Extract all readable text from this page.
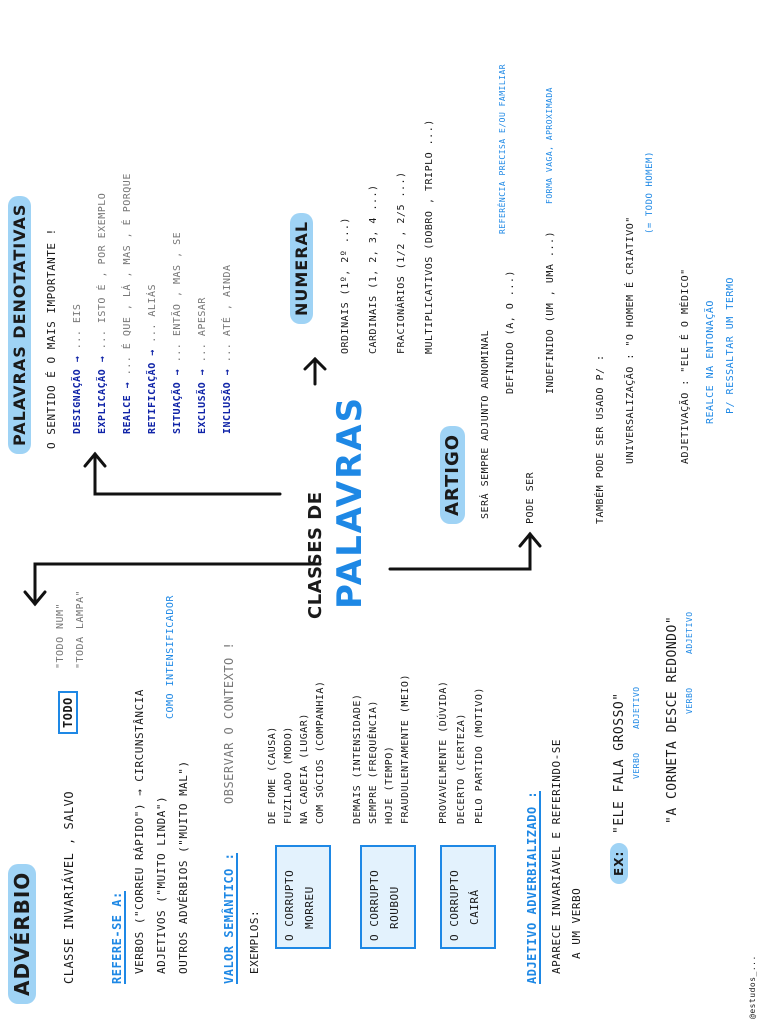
CLASSES DE PALAVRAS
ADVÉRBIO CLASSE INVARIÁVEL , SALVO
TODO
"TODO
NUM"
"TODA
LAMPA"
REFERE-SE A: VERBOS ("CORREU RÁPIDO") → CIRCUNSTÂNCIA ADJETIVOS ("MUITO LINDA") OUTROS ADVÉRBIOS ("MUITO MAL")
COMO INTENSIFICADOR
VALOR SEMÂNTICO :
OBSERVAR O CONTEXTO !
EXEMPLOS:
O CORRUPTO MORREU
DE FOME (CAUSA) FUZILADO (MODO) NA CADEIA (LUGAR) COM SÓCIOS (COMPANHIA)
O CORRUPTO ROUBOU
DEMAIS (INTENSIDADE) SEMPRE (FREQUÊNCIA) HOJE (TEMPO) FRAUDULENTAMENTE (MEIO)
O CORRUPTO CAIRÁ
PROVAVELMENTE (DÚVIDA) DECERTO (CERTEZA) PELO PARTIDO (MOTIVO)
ADJETIVO ADVERBIALIZADO : APARECE INVARIÁVEL E REFERINDO-SE A UM VERBO
EX:
"ELE FALA GROSSO" VERBO
ADJETIVO "A CORNETA DESCE REDONDO" VERBO
ADJETIVO
PALAVRAS DENOTATIVAS O SENTIDO É O MAIS IMPORTANTE ! DESIGNAÇÃO → ... EIS
EXPLICAÇÃO → ... ISTO É , POR EXEMPLO
REALCE → ... É QUE , LÁ , MAS , É PORQUE
RETIFICAÇÃO → ... ALIÁS
SITUAÇÃO → ... ENTÃO , MAS , SE
EXCLUSÃO → ... APESAR
INCLUSÃO → ... ATÉ , AINDA	NUMERAL	ORDINAIS (1º, 2º ...) CARDINAIS (1, 2, 3, 4 ...) FRACIONÁRIOS (1/2 , 2/5 ...) MULTIPLICATIVOS (DOBRO , TRIPLO ...)
ARTIGO SERÁ SEMPRE ADJUNTO ADNOMINAL	PODE SER
DEFINIDO (A, O ...)
REFERÊNCIA PRECISA E/OU FAMILIAR
INDEFINIDO (UM , UMA ...)
FORMA VAGA, APROXIMADA
TAMBÉM PODE SER USADO P/ : UNIVERSALIZAÇÃO : "O HOMEM É CRIATIVO"
(= TODO HOMEM)
ADJETIVAÇÃO : "ELE É O MÉDICO" REALCE NA ENTONAÇÃO P/ RESSALTAR UM TERMO
@estudos_...
